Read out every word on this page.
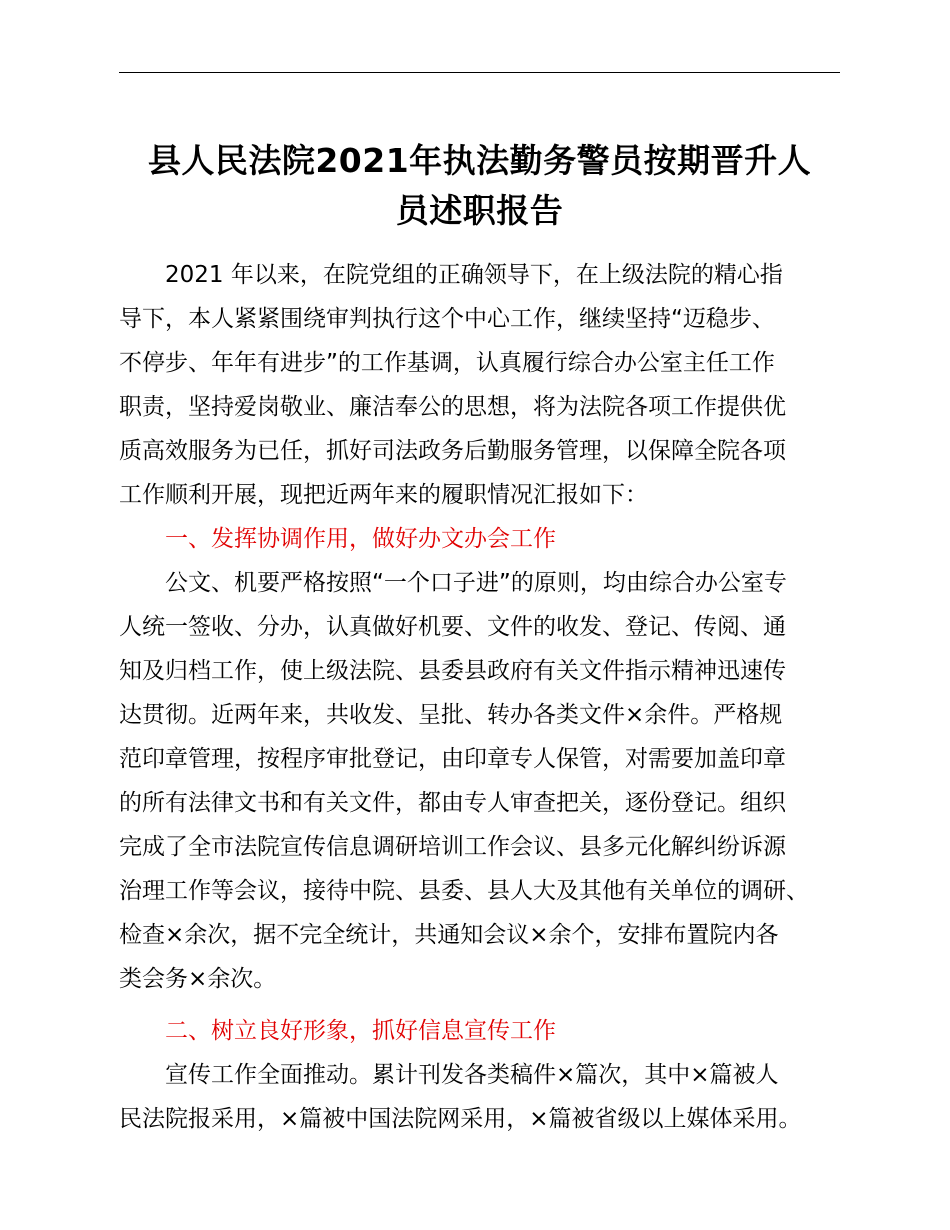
县人民法院2021年执法勤务警员按期晋升人
员述职报告
2021 年以来，在院党组的正确领导下，在上级法院的精心指
导下，本人紧紧围绕审判执行这个中心工作，继续坚持“迈稳步、
不停步、年年有进步”的工作基调，认真履行综合办公室主任工作
职责，坚持爱岗敬业、廉洁奉公的思想，将为法院各项工作提供优
质高效服务为已任，抓好司法政务后勤服务管理，以保障全院各项
工作顺利开展，现把近两年来的履职情况汇报如下：
一、发挥协调作用，做好办文办会工作
公文、机要严格按照“一个口子进”的原则，均由综合办公室专
人统一签收、分办，认真做好机要、文件的收发、登记、传阅、通
知及归档工作，使上级法院、县委县政府有关文件指示精神迅速传
达贯彻。近两年来，共收发、呈批、转办各类文件×余件。严格规
范印章管理，按程序审批登记，由印章专人保管，对需要加盖印章
的所有法律文书和有关文件，都由专人审查把关，逐份登记。组织
完成了全市法院宣传信息调研培训工作会议、县多元化解纠纷诉源
治理工作等会议，接待中院、县委、县人大及其他有关单位的调研、
检查×余次，据不完全统计，共通知会议×余个，安排布置院内各
类会务×余次。
二、树立良好形象，抓好信息宣传工作
宣传工作全面推动。累计刊发各类稿件×篇次，其中×篇被人
民法院报采用，×篇被中国法院网采用，×篇被省级以上媒体采用。
